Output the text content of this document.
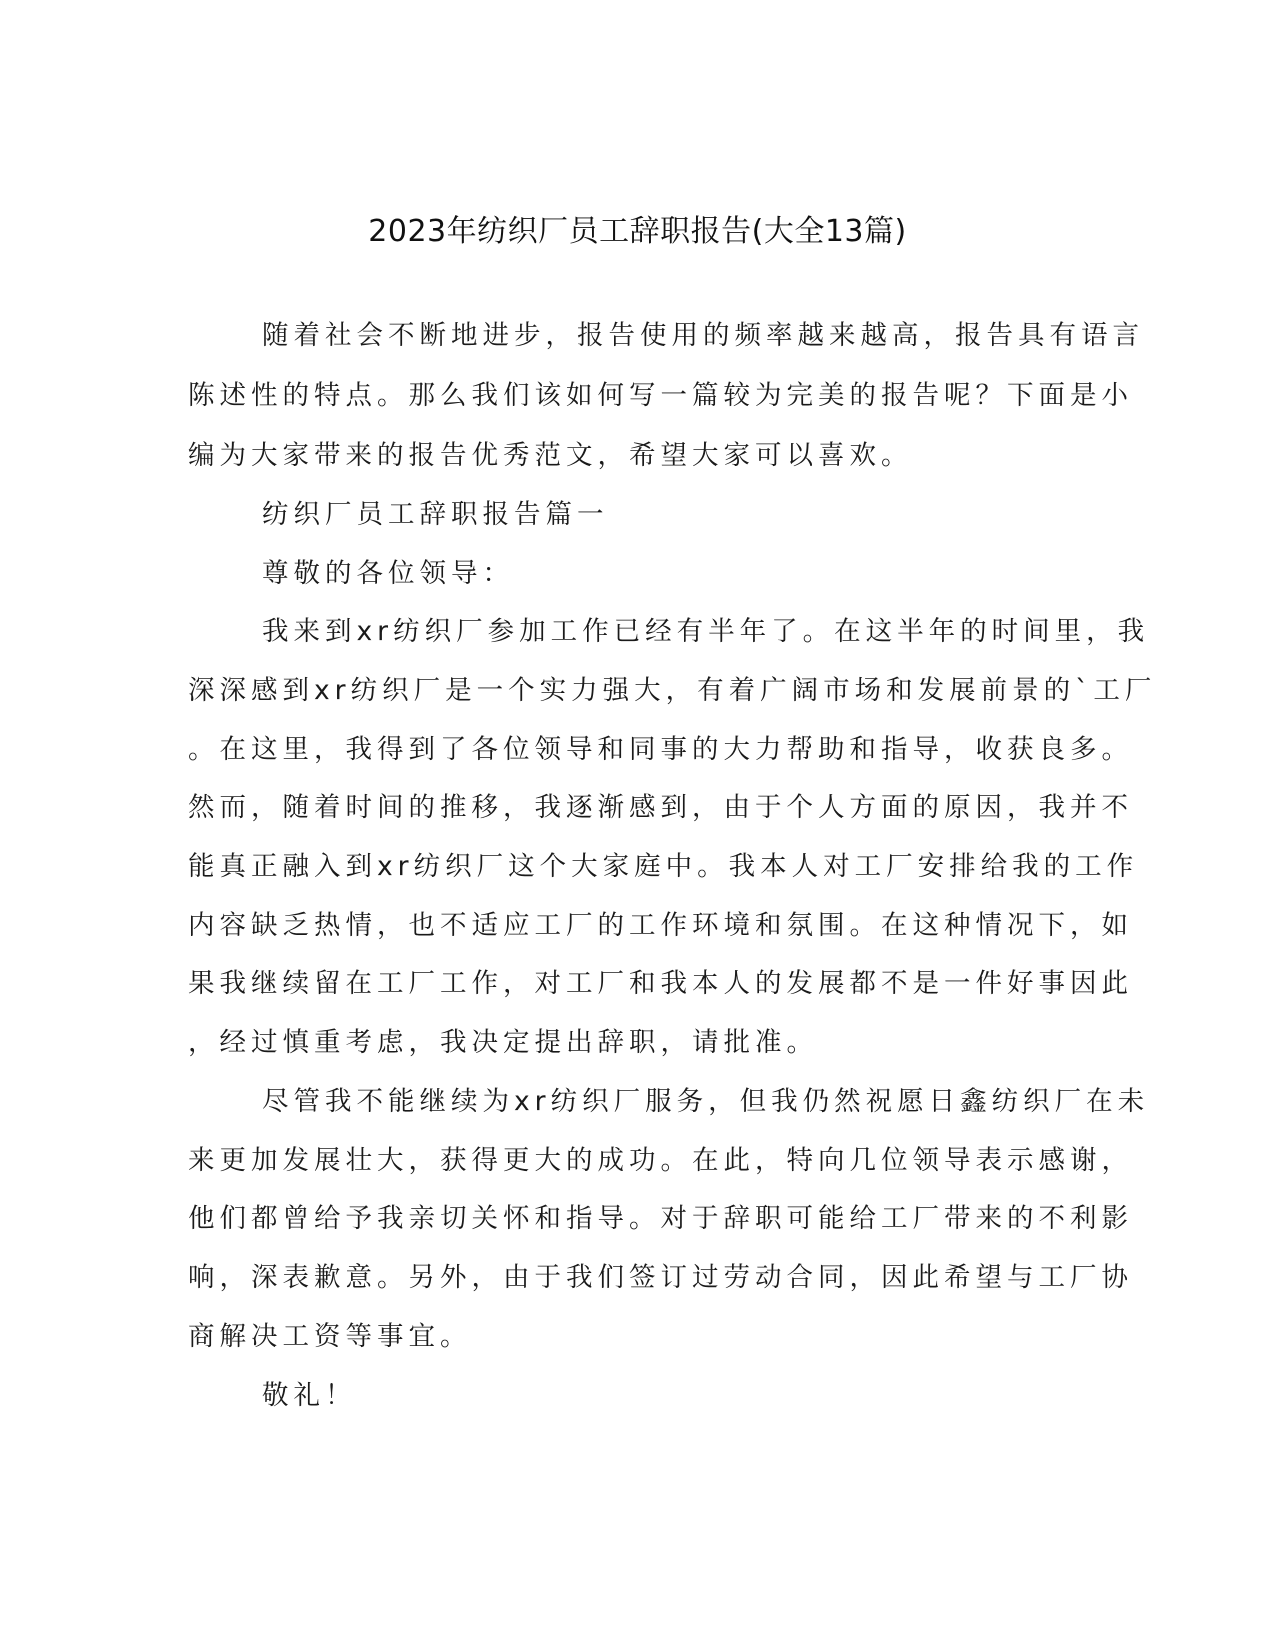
2023年纺织厂员工辞职报告(大全13篇)
随着社会不断地进步，报告使用的频率越来越高，报告具有语言
陈述性的特点。那么我们该如何写一篇较为完美的报告呢？下面是小
编为大家带来的报告优秀范文，希望大家可以喜欢。
纺织厂员工辞职报告篇一
尊敬的各位领导：
我来到xr纺织厂参加工作已经有半年了。在这半年的时间里，我
深深感到xr纺织厂是一个实力强大，有着广阔市场和发展前景的`工厂
。在这里，我得到了各位领导和同事的大力帮助和指导，收获良多。
然而，随着时间的推移，我逐渐感到，由于个人方面的原因，我并不
能真正融入到xr纺织厂这个大家庭中。我本人对工厂安排给我的工作
内容缺乏热情，也不适应工厂的工作环境和氛围。在这种情况下，如
果我继续留在工厂工作，对工厂和我本人的发展都不是一件好事因此
，经过慎重考虑，我决定提出辞职，请批准。
尽管我不能继续为xr纺织厂服务，但我仍然祝愿日鑫纺织厂在未
来更加发展壮大，获得更大的成功。在此，特向几位领导表示感谢，
他们都曾给予我亲切关怀和指导。对于辞职可能给工厂带来的不利影
响，深表歉意。另外，由于我们签订过劳动合同，因此希望与工厂协
商解决工资等事宜。
敬礼！
